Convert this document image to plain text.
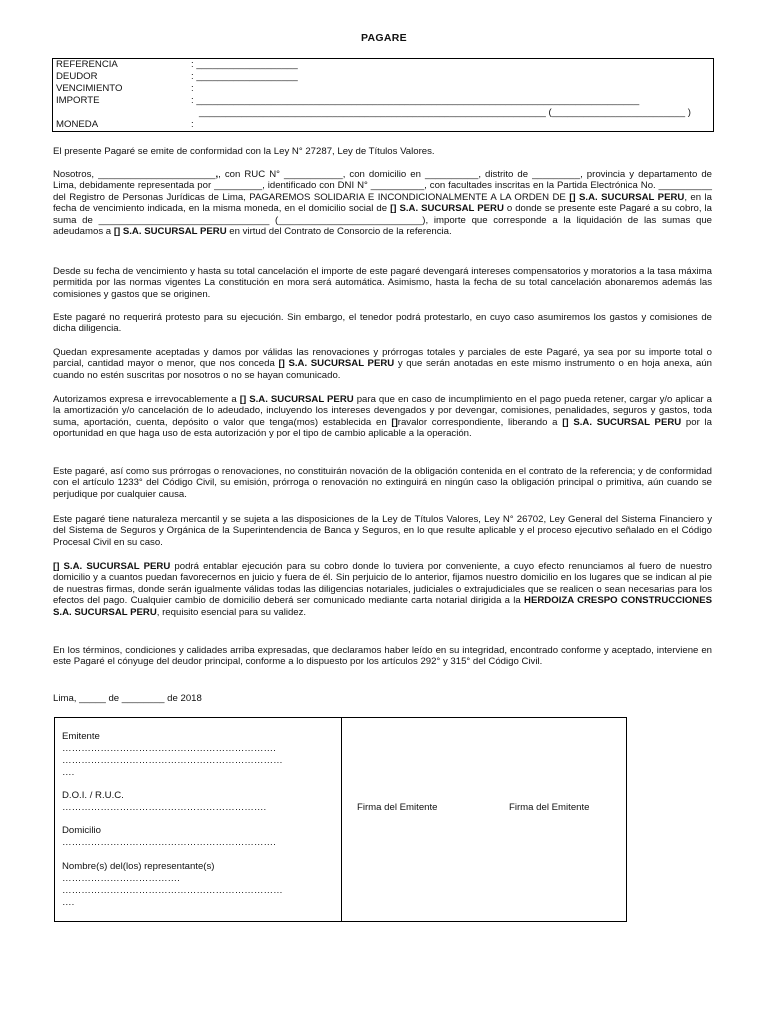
PAGARE
REFERENCIA	: ___________________
DEUDOR	: ___________________
VENCIMIENTO	:
IMPORTE	: ___________________________________________________________________________________
_________________________________________________________________ (_________________________ )
MONEDA	:

El presente Pagaré se emite de conformidad con la Ley N° 27287, Ley de Títulos Valores.

Nosotros, ______________________,, con RUC N° ___________, con domicilio en __________, distrito de _________, provincia y departamento de Lima, debidamente representada por _________, identificado con DNI N° __________, con facultades inscritas en la Partida Electrónica No. __________ del Registro de Personas Jurídicas de Lima, PAGAREMOS SOLIDARIA E INCONDICIONALMENTE A LA ORDEN DE [] S.A. SUCURSAL PERU, en la fecha de vencimiento indicada, en la misma moneda, en el domicilio social de [] S.A. SUCURSAL PERU o donde se presente este Pagaré a su cobro, la suma de ________________________________ (___________________________), importe que corresponde a la liquidación de las sumas que adeudamos a [] S.A. SUCURSAL PERU en virtud del Contrato de Consorcio de la referencia.

Desde su fecha de vencimiento y hasta su total cancelación el importe de este pagaré devengará intereses compensatorios y moratorios a la tasa máxima permitida por las normas vigentes La constitución en mora será automática. Asimismo, hasta la fecha de su total cancelación abonaremos además las comisiones y gastos que se originen.

Este pagaré no requerirá protesto para su ejecución. Sin embargo, el tenedor podrá protestarlo, en cuyo caso asumiremos los gastos y comisiones de dicha diligencia.

Quedan expresamente aceptadas y damos por válidas las renovaciones y prórrogas totales y parciales de este Pagaré, ya sea por su importe total o parcial, cantidad mayor o menor, que nos conceda [] S.A. SUCURSAL PERU y que serán anotadas en este mismo instrumento o en hoja anexa, aún cuando no estén suscritas por nosotros o no se hayan comunicado.

Autorizamos expresa e irrevocablemente a [] S.A. SUCURSAL PERU para que en caso de incumplimiento en el pago pueda retener, cargar y/o aplicar a la amortización y/o cancelación de lo adeudado, incluyendo los intereses devengados y por devengar, comisiones, penalidades, seguros y gastos, toda suma, aportación, cuenta, depósito o valor que tenga(mos) establecida en []ravalor correspondiente, liberando a [] S.A. SUCURSAL PERU por la oportunidad en que haga uso de esta autorización y por el tipo de cambio aplicable a la operación.

Este pagaré, así como sus prórrogas o renovaciones, no constituirán novación de la obligación contenida en el contrato de la referencia; y de conformidad con el artículo 1233° del Código Civil, su emisión, prórroga o renovación no extinguirá en ningún caso la obligación principal o primitiva, aún cuando se perjudique por cualquier causa.

Este pagaré tiene naturaleza mercantil y se sujeta a las disposiciones de la Ley de Títulos Valores, Ley N° 26702, Ley General del Sistema Financiero y del Sistema de Seguros y Orgánica de la Superintendencia de Banca y Seguros, en lo que resulte aplicable y el proceso ejecutivo señalado en el Código Procesal Civil en su caso.

[] S.A. SUCURSAL PERU podrá entablar ejecución para su cobro donde lo tuviera por conveniente, a cuyo efecto renunciamos al fuero de nuestro domicilio y a cuantos puedan favorecernos en juicio y fuera de él. Sin perjuicio de lo anterior, fijamos nuestro domicilio en los lugares que se indican al pie de nuestras firmas, donde serán igualmente válidas todas las diligencias notariales, judiciales o extrajudiciales que se realicen o sean necesarias para los efectos del pago. Cualquier cambio de domicilio deberá ser comunicado mediante carta notarial dirigida a la HERDOIZA CRESPO CONSTRUCCIONES S.A. SUCURSAL PERU, requisito esencial para su validez.

En los términos, condiciones y calidades arriba expresadas, que declaramos haber leído en su integridad, encontrado conforme y aceptado, interviene en este Pagaré el cónyuge del deudor principal, conforme a lo dispuesto por los artículos 292° y 315° del Código Civil.

Lima, _____ de ________ de 2018

Emitente
………………………………………………………….
……………………………………………………………
….
D.O.I. / R.U.C.
……………………………………………………….
Domicilio
………………………………………………………….
Nombre(s) del(los) representante(s)
……………………………….
……………………………………………………………
….
Firma del Emitente	Firma del Emitente
